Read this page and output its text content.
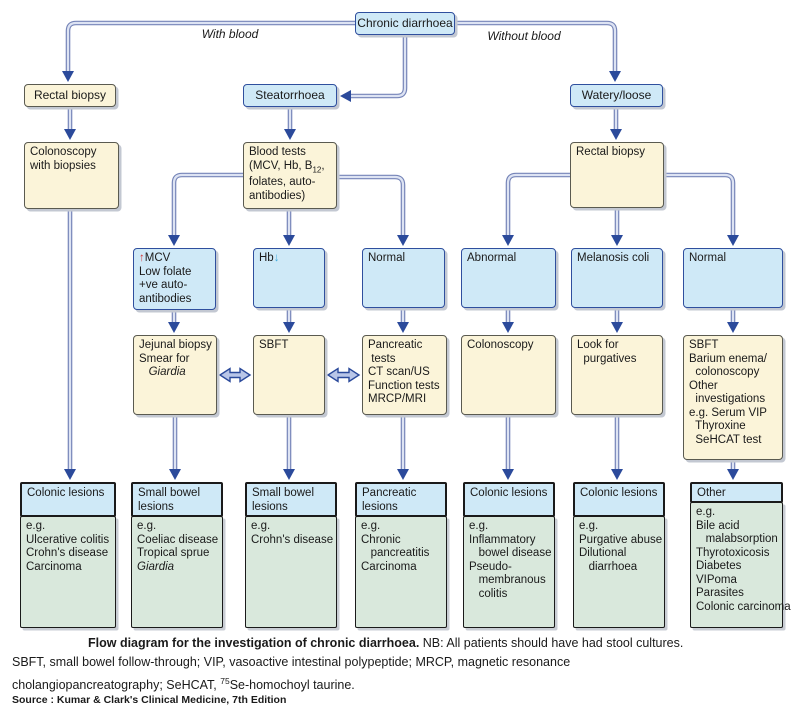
With blood	Without blood
Chronic diarrhoea
Rectal biopsy	Steatorrhoea	Watery/loose
Colonoscopy
with biopsies
Blood tests
(MCV, Hb, $B_{12}$,
folates, auto-
antibodies)
Rectal biopsy
↑MCV
Low folate
+ve auto-
antibodies
Hb↓	Normal	Abnormal	Melanosis coli	Normal
Jejunal biopsy
Smear for
Giardia
SBFT	Pancreatic
tests
CT scan/US
Function tests
MRCP/MRI
Colonoscopy	Look for
purgatives
SBFT
Barium enema/
colonoscopy
Other
investigations
e.g. Serum VIP
Thyroxine
SeHCAT test
Colonic lesions
e.g.
Ulcerative colitis
Crohn's disease
Carcinoma
Small bowel
lesions
e.g.
Coeliac disease
Tropical sprue
Giardia
Small bowel
lesions
e.g.
Crohn's disease
Pancreatic
lesions
e.g.
Chronic
pancreatitis
Carcinoma
Colonic lesions
e.g.
Inflammatory
bowel disease
Pseudo-
membranous
colitis
Colonic lesions
e.g.
Purgative abuse
Dilutional
diarrhoea
Other
e.g.
Bile acid
malabsorption
Thyrotoxicosis
Diabetes
VIPoma
Parasites
Colonic carcinoma
Flow diagram for the investigation of chronic diarrhoea. NB: All patients should have had stool cultures.
SBFT, small bowel follow-through; VIP, vasoactive intestinal polypeptide; MRCP, magnetic resonance
cholangiopancreatography; SeHCAT, $^{75}$Se-homochoyl taurine.
Source : Kumar & Clark's Clinical Medicine, 7th Edition
